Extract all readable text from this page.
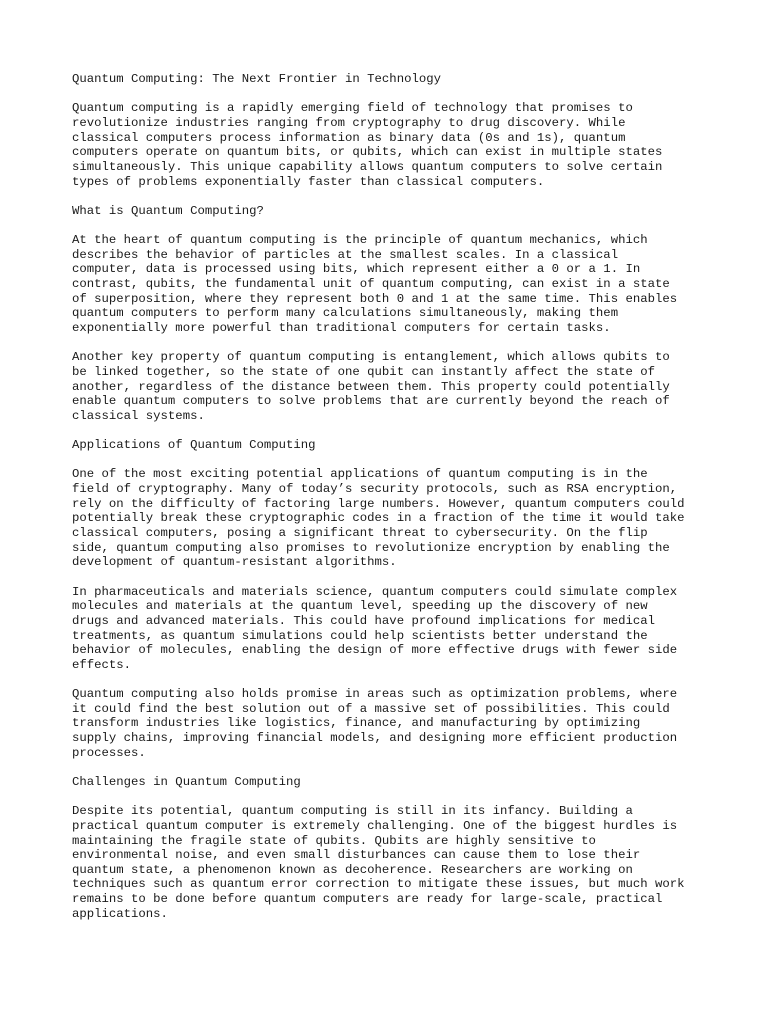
Quantum Computing: The Next Frontier in Technology
Quantum computing is a rapidly emerging field of technology that promises to
revolutionize industries ranging from cryptography to drug discovery. While
classical computers process information as binary data (0s and 1s), quantum
computers operate on quantum bits, or qubits, which can exist in multiple states
simultaneously. This unique capability allows quantum computers to solve certain
types of problems exponentially faster than classical computers.
What is Quantum Computing?
At the heart of quantum computing is the principle of quantum mechanics, which
describes the behavior of particles at the smallest scales. In a classical
computer, data is processed using bits, which represent either a 0 or a 1. In
contrast, qubits, the fundamental unit of quantum computing, can exist in a state
of superposition, where they represent both 0 and 1 at the same time. This enables
quantum computers to perform many calculations simultaneously, making them
exponentially more powerful than traditional computers for certain tasks.
Another key property of quantum computing is entanglement, which allows qubits to
be linked together, so the state of one qubit can instantly affect the state of
another, regardless of the distance between them. This property could potentially
enable quantum computers to solve problems that are currently beyond the reach of
classical systems.
Applications of Quantum Computing
One of the most exciting potential applications of quantum computing is in the
field of cryptography. Many of today’s security protocols, such as RSA encryption,
rely on the difficulty of factoring large numbers. However, quantum computers could
potentially break these cryptographic codes in a fraction of the time it would take
classical computers, posing a significant threat to cybersecurity. On the flip
side, quantum computing also promises to revolutionize encryption by enabling the
development of quantum-resistant algorithms.
In pharmaceuticals and materials science, quantum computers could simulate complex
molecules and materials at the quantum level, speeding up the discovery of new
drugs and advanced materials. This could have profound implications for medical
treatments, as quantum simulations could help scientists better understand the
behavior of molecules, enabling the design of more effective drugs with fewer side
effects.
Quantum computing also holds promise in areas such as optimization problems, where
it could find the best solution out of a massive set of possibilities. This could
transform industries like logistics, finance, and manufacturing by optimizing
supply chains, improving financial models, and designing more efficient production
processes.
Challenges in Quantum Computing
Despite its potential, quantum computing is still in its infancy. Building a
practical quantum computer is extremely challenging. One of the biggest hurdles is
maintaining the fragile state of qubits. Qubits are highly sensitive to
environmental noise, and even small disturbances can cause them to lose their
quantum state, a phenomenon known as decoherence. Researchers are working on
techniques such as quantum error correction to mitigate these issues, but much work
remains to be done before quantum computers are ready for large-scale, practical
applications.
